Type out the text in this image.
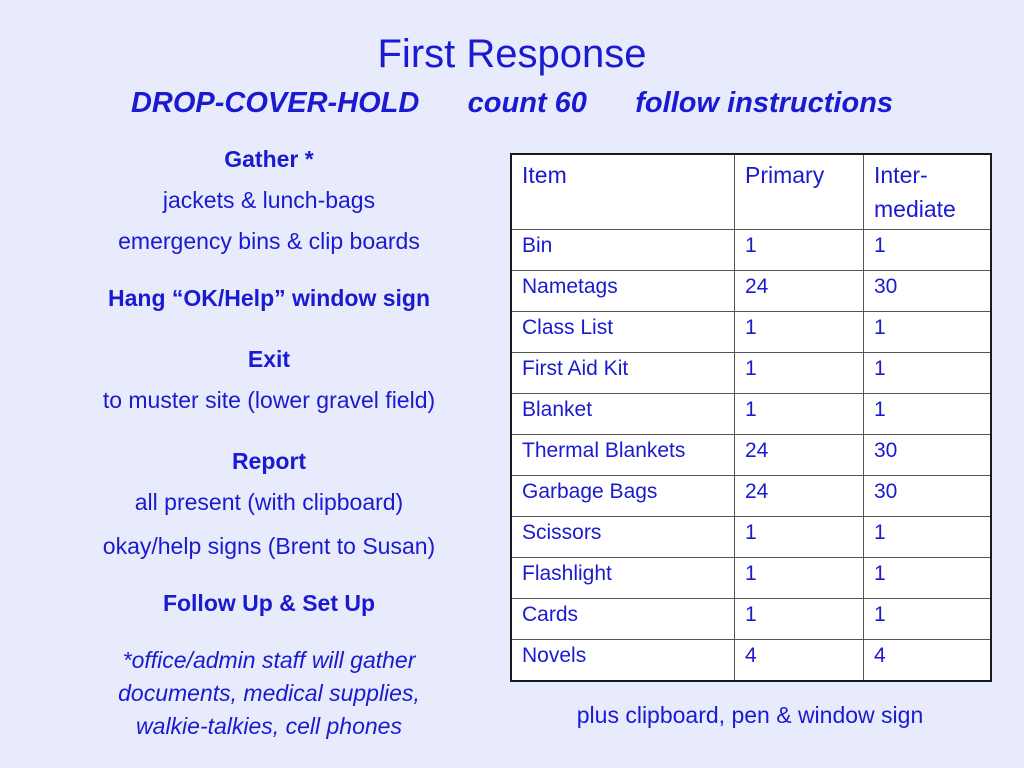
First Response
DROP-COVER-HOLD      count 60      follow instructions

Gather *

jackets & lunch-bags

emergency bins & clip boards

Hang “OK/Help” window sign

Exit

to muster site (lower gravel field)

Report

all present (with clipboard)

okay/help signs (Brent to Susan)

Follow Up & Set Up

*office/admin staff will gather

documents, medical supplies,

walkie-talkies, cell phones

Item	Primary	Inter-
mediate
Bin	1	1
Nametags	24	30
Class List	1	1
First Aid Kit	1	1
Blanket	1	1
Thermal Blankets	24	30
Garbage Bags	24	30
Scissors	1	1
Flashlight	1	1
Cards	1	1
Novels	4	4
plus clipboard, pen & window sign
